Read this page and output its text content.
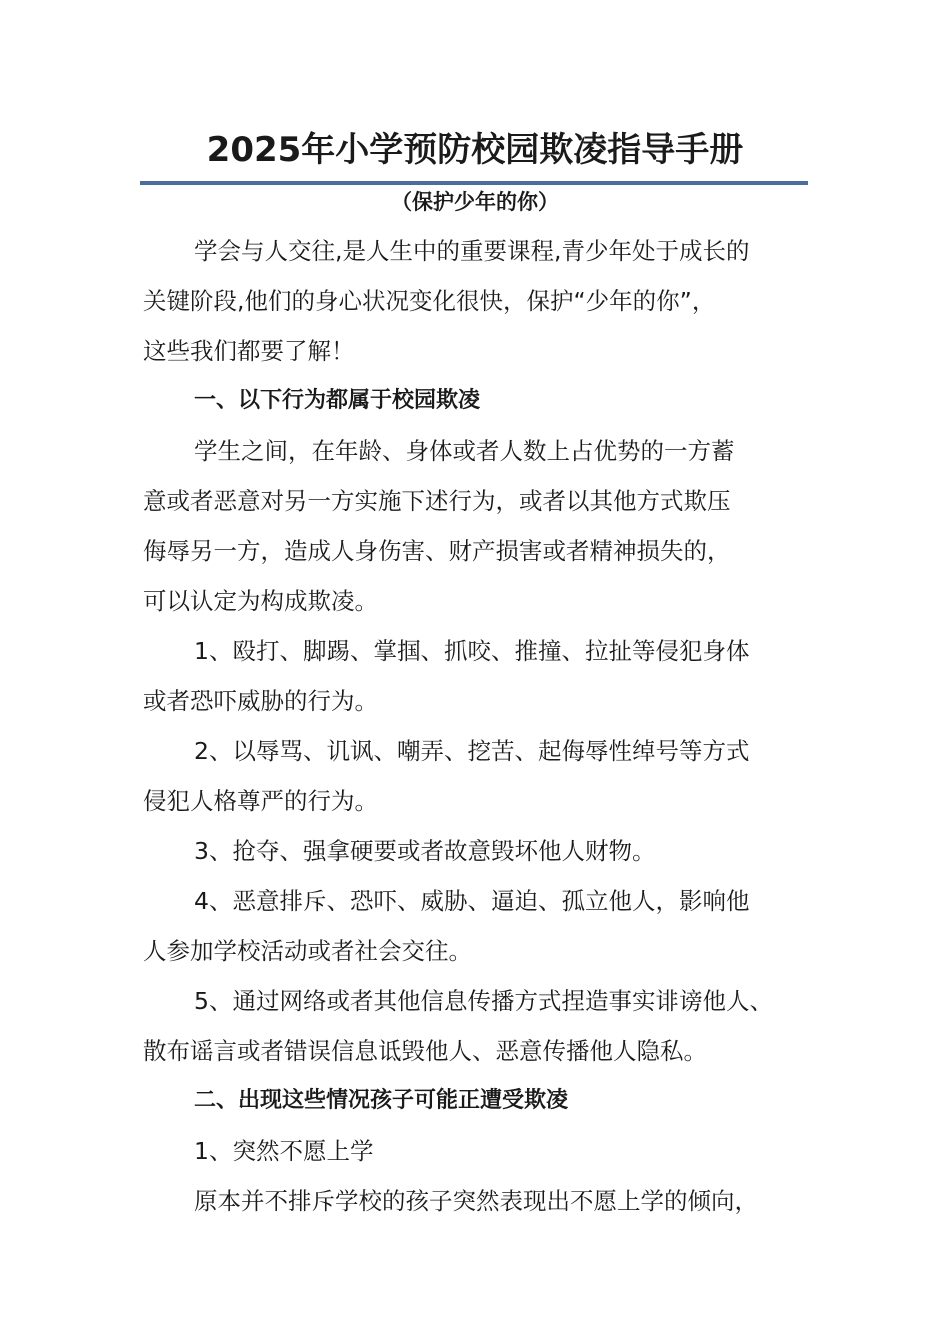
2025年小学预防校园欺凌指导手册
（保护少年的你）

学会与人交往,是人生中的重要课程,青少年处于成长的

关键阶段,他们的身心状况变化很快，保护“少年的你”，

这些我们都要了解！

一、以下行为都属于校园欺凌

学生之间，在年龄、身体或者人数上占优势的一方蓄

意或者恶意对另一方实施下述行为，或者以其他方式欺压

侮辱另一方，造成人身伤害、财产损害或者精神损失的，

可以认定为构成欺凌。

1、殴打、脚踢、掌掴、抓咬、推撞、拉扯等侵犯身体

或者恐吓威胁的行为。

2、以辱骂、讥讽、嘲弄、挖苦、起侮辱性绰号等方式

侵犯人格尊严的行为。

3、抢夺、强拿硬要或者故意毁坏他人财物。

4、恶意排斥、恐吓、威胁、逼迫、孤立他人，影响他

人参加学校活动或者社会交往。

5、通过网络或者其他信息传播方式捏造事实诽谤他人、

散布谣言或者错误信息诋毁他人、恶意传播他人隐私。

二、出现这些情况孩子可能正遭受欺凌

1、突然不愿上学

原本并不排斥学校的孩子突然表现出不愿上学的倾向，
